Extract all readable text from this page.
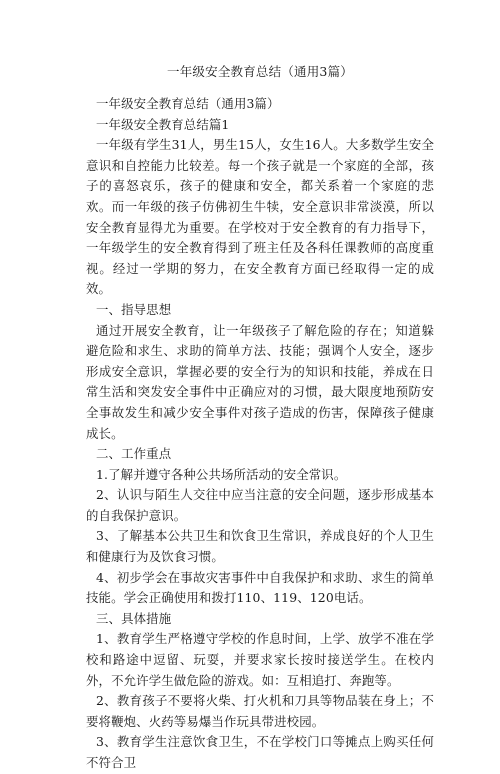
一年级安全教育总结（通用3篇）

一年级安全教育总结（通用3篇）

一年级安全教育总结篇1

一年级有学生31人，男生15人，女生16人。大多数学生安全意识和自控能力比较差。每一个孩子就是一个家庭的全部，孩子的喜怒哀乐，孩子的健康和安全，都关系着一个家庭的悲欢。而一年级的孩子仿佛初生牛犊，安全意识非常淡漠，所以安全教育显得尤为重要。在学校对于安全教育的有力指导下，一年级学生的安全教育得到了班主任及各科任课教师的高度重视。经过一学期的努力，在安全教育方面已经取得一定的成效。

一、指导思想

通过开展安全教育，让一年级孩子了解危险的存在；知道躲避危险和求生、求助的简单方法、技能；强调个人安全，逐步形成安全意识，掌握必要的安全行为的知识和技能，养成在日常生活和突发安全事件中正确应对的习惯，最大限度地预防安全事故发生和减少安全事件对孩子造成的伤害，保障孩子健康成长。

二、工作重点

1.了解并遵守各种公共场所活动的安全常识。

2、认识与陌生人交往中应当注意的安全问题，逐步形成基本的自我保护意识。

3、了解基本公共卫生和饮食卫生常识，养成良好的个人卫生和健康行为及饮食习惯。

4、初步学会在事故灾害事件中自我保护和求助、求生的简单技能。学会正确使用和拨打110、119、120电话。

三、具体措施

1、教育学生严格遵守学校的作息时间，上学、放学不准在学校和路途中逗留、玩耍，并要求家长按时接送学生。在校内外，不允许学生做危险的游戏。如：互相追打、奔跑等。

2、教育孩子不要将火柴、打火机和刀具等物品装在身上；不要将鞭炮、火药等易爆当作玩具带进校园。

3、教育学生注意饮食卫生，不在学校门口等摊点上购买任何不符合卫
